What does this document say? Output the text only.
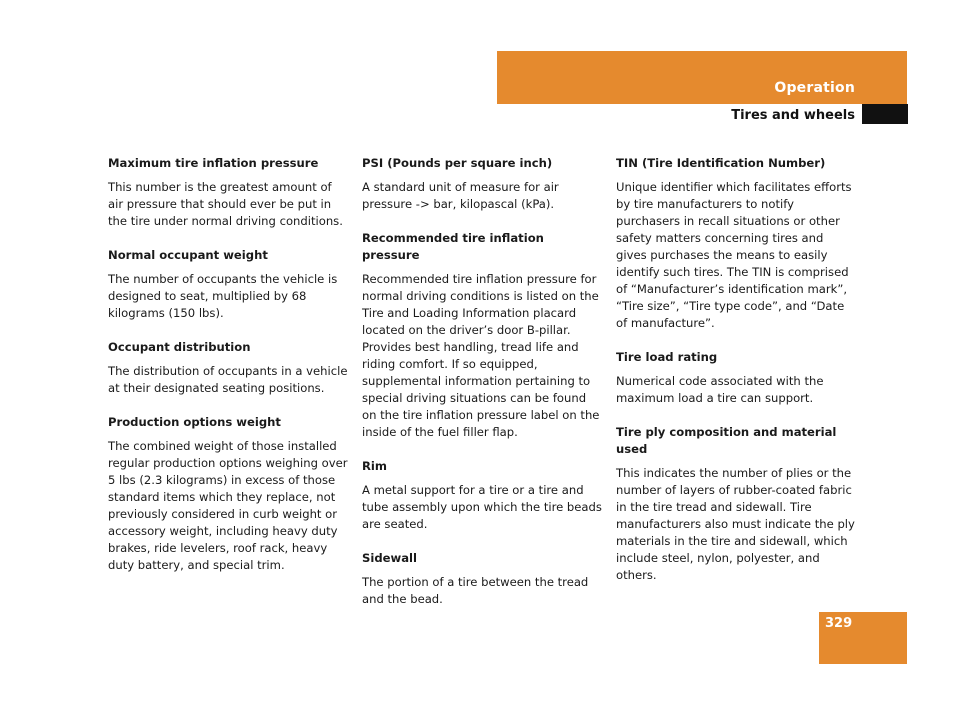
Operation
Tires and wheels

Maximum tire inflation pressure

This number is the greatest amount of air pressure that should ever be put in the tire under normal driving conditions.

Normal occupant weight

The number of occupants the vehicle is designed to seat, multiplied by 68 kilograms (150 lbs).

Occupant distribution

The distribution of occupants in a vehicle at their designated seating positions.

Production options weight

The combined weight of those installed regular production options weighing over 5 lbs (2.3 kilograms) in excess of those standard items which they replace, not previously considered in curb weight or accessory weight, including heavy duty brakes, ride levelers, roof rack, heavy duty battery, and special trim.

PSI (Pounds per square inch)

A standard unit of measure for air pressure -> bar, kilopascal (kPa).

Recommended tire inflation pressure

Recommended tire inflation pressure for normal driving conditions is listed on the Tire and Loading Information placard located on the driver’s door B-pillar. Provides best handling, tread life and riding comfort. If so equipped, supplemental information pertaining to special driving situations can be found on the tire inflation pressure label on the inside of the fuel filler flap.

Rim

A metal support for a tire or a tire and tube assembly upon which the tire beads are seated.

Sidewall

The portion of a tire between the tread and the bead.

TIN (Tire Identification Number)

Unique identifier which facilitates efforts by tire manufacturers to notify purchasers in recall situations or other safety matters concerning tires and gives purchases the means to easily identify such tires. The TIN is comprised of “Manufacturer’s identification mark”, “Tire size”, “Tire type code”, and “Date of manufacture”.

Tire load rating

Numerical code associated with the maximum load a tire can support.

Tire ply composition and material used

This indicates the number of plies or the number of layers of rubber-coated fabric in the tire tread and sidewall. Tire manufacturers also must indicate the ply materials in the tire and sidewall, which include steel, nylon, polyester, and others.

329
